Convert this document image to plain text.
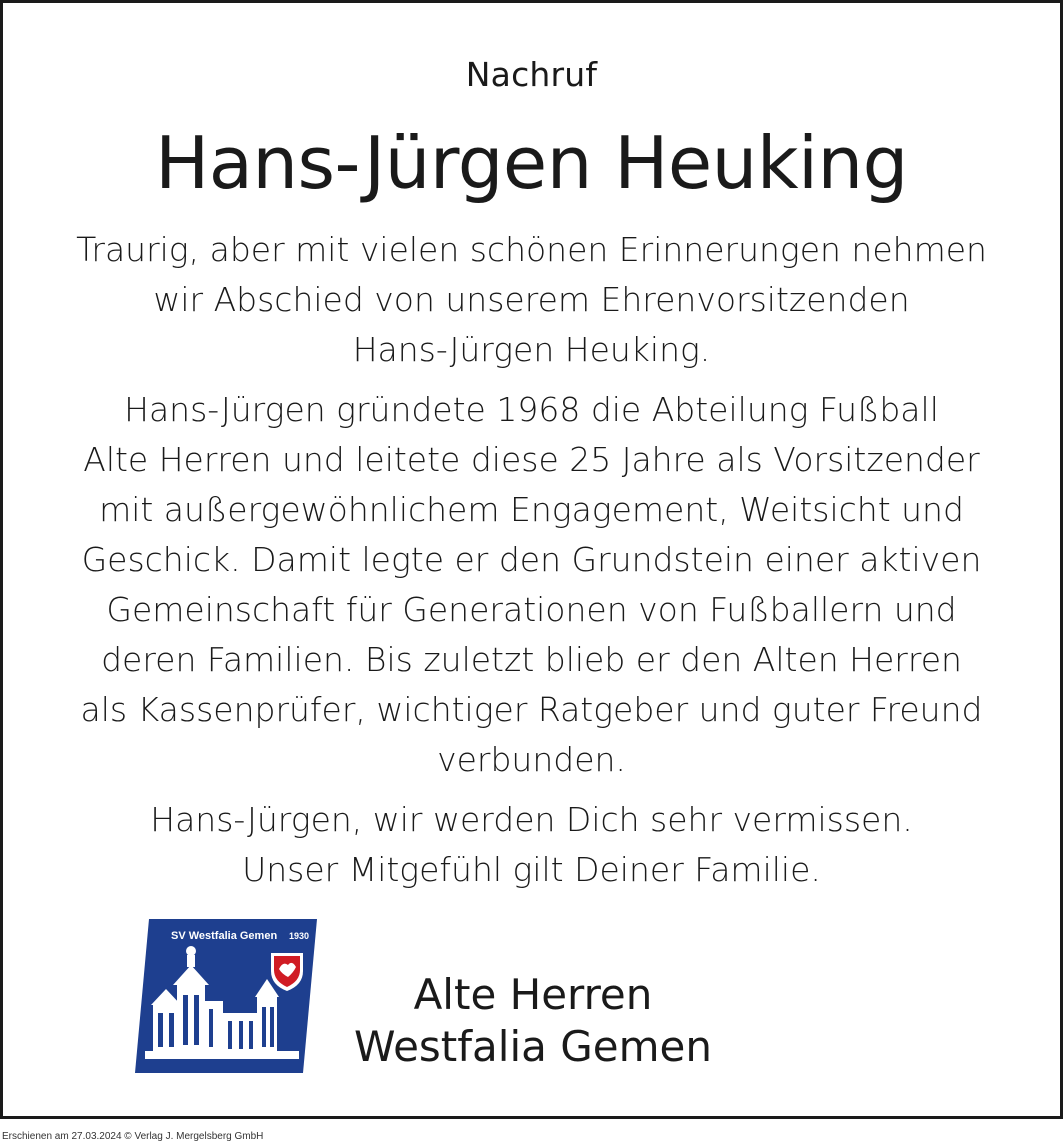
Nachruf
Hans-Jürgen Heuking
Traurig, aber mit vielen schönen Erinnerungen nehmen
wir Abschied von unserem Ehrenvorsitzenden
Hans-Jürgen Heuking.
Hans-Jürgen gründete 1968 die Abteilung Fußball
Alte Herren und leitete diese 25 Jahre als Vorsitzender
mit außergewöhnlichem Engagement, Weitsicht und
Geschick. Damit legte er den Grundstein einer aktiven
Gemeinschaft für Generationen von Fußballern und
deren Familien. Bis zuletzt blieb er den Alten Herren
als Kassenprüfer, wichtiger Ratgeber und guter Freund
verbunden.
Hans-Jürgen, wir werden Dich sehr vermissen.
Unser Mitgefühl gilt Deiner Familie.
SV Westfalia Gemen 1930
Alte Herren
Westfalia Gemen
Erschienen am 27.03.2024 © Verlag J. Mergelsberg GmbH
